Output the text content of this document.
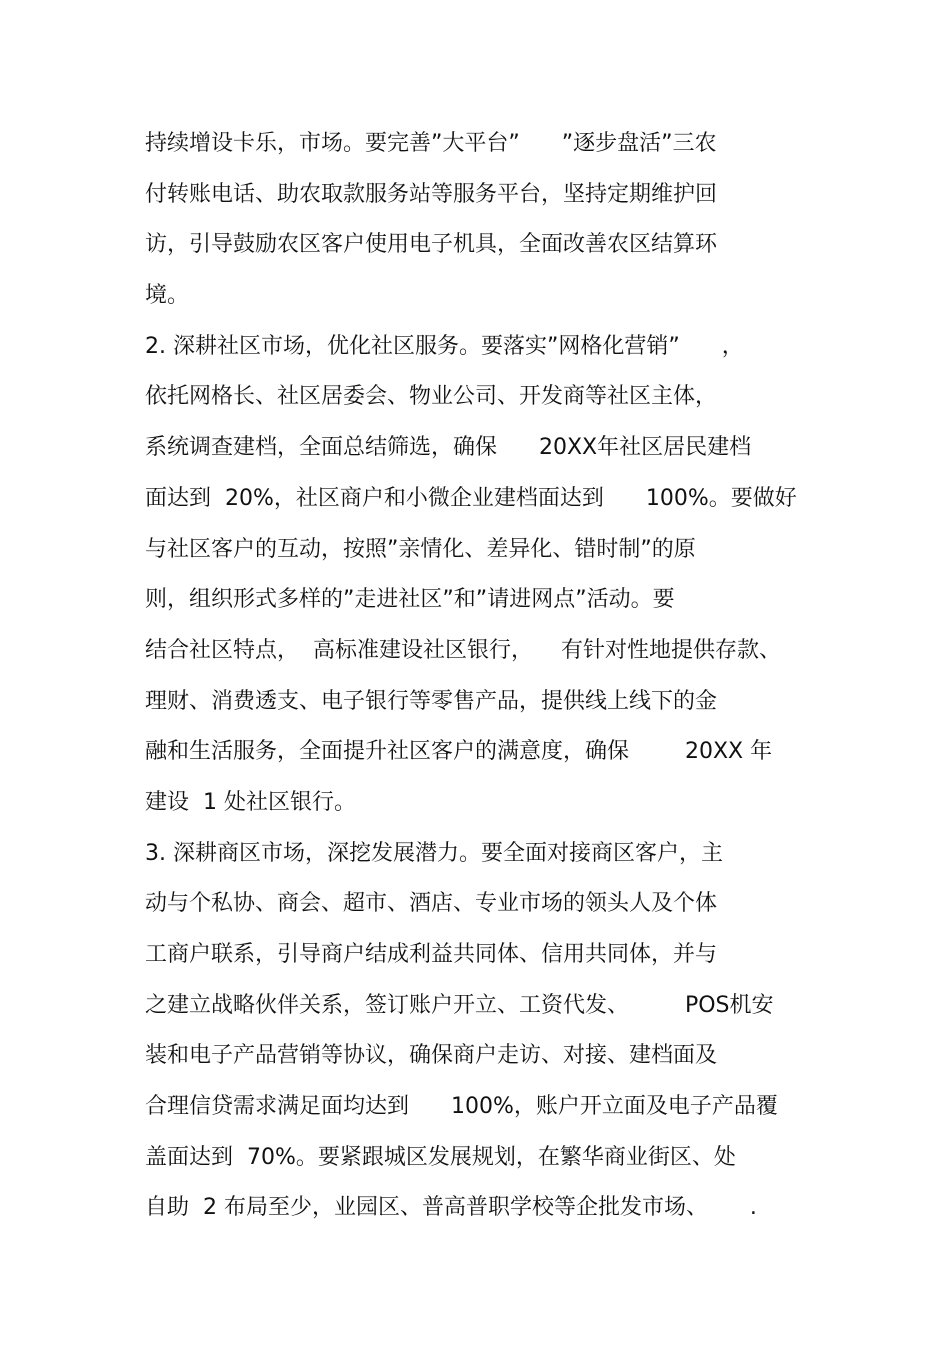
持续增设卡乐，市场。要完善”大平台”      ”逐步盘活”三农
付转账电话、助农取款服务站等服务平台，坚持定期维护回
访，引导鼓励农区客户使用电子机具，全面改善农区结算环
境。
2. 深耕社区市场，优化社区服务。要落实”网格化营销”      ，
依托网格长、社区居委会、物业公司、开发商等社区主体，
系统调查建档，全面总结筛选，确保      20XX年社区居民建档
面达到  20%，社区商户和小微企业建档面达到      100%。要做好
与社区客户的互动，按照”亲情化、差异化、错时制”的原
则，组织形式多样的”走进社区”和”请进网点”活动。要
结合社区特点，  高标准建设社区银行，    有针对性地提供存款、
理财、消费透支、电子银行等零售产品，提供线上线下的金
融和生活服务，全面提升社区客户的满意度，确保        20XX 年
建设  1 处社区银行。
3. 深耕商区市场，深挖发展潜力。要全面对接商区客户，主
动与个私协、商会、超市、酒店、专业市场的领头人及个体
工商户联系，引导商户结成利益共同体、信用共同体，并与
之建立战略伙伴关系，签订账户开立、工资代发、        POS机安
装和电子产品营销等协议，确保商户走访、对接、建档面及
合理信贷需求满足面均达到      100%，账户开立面及电子产品覆
盖面达到  70%。要紧跟城区发展规划，在繁华商业街区、处
自助  2 布局至少，业园区、普高普职学校等企批发市场、      .
